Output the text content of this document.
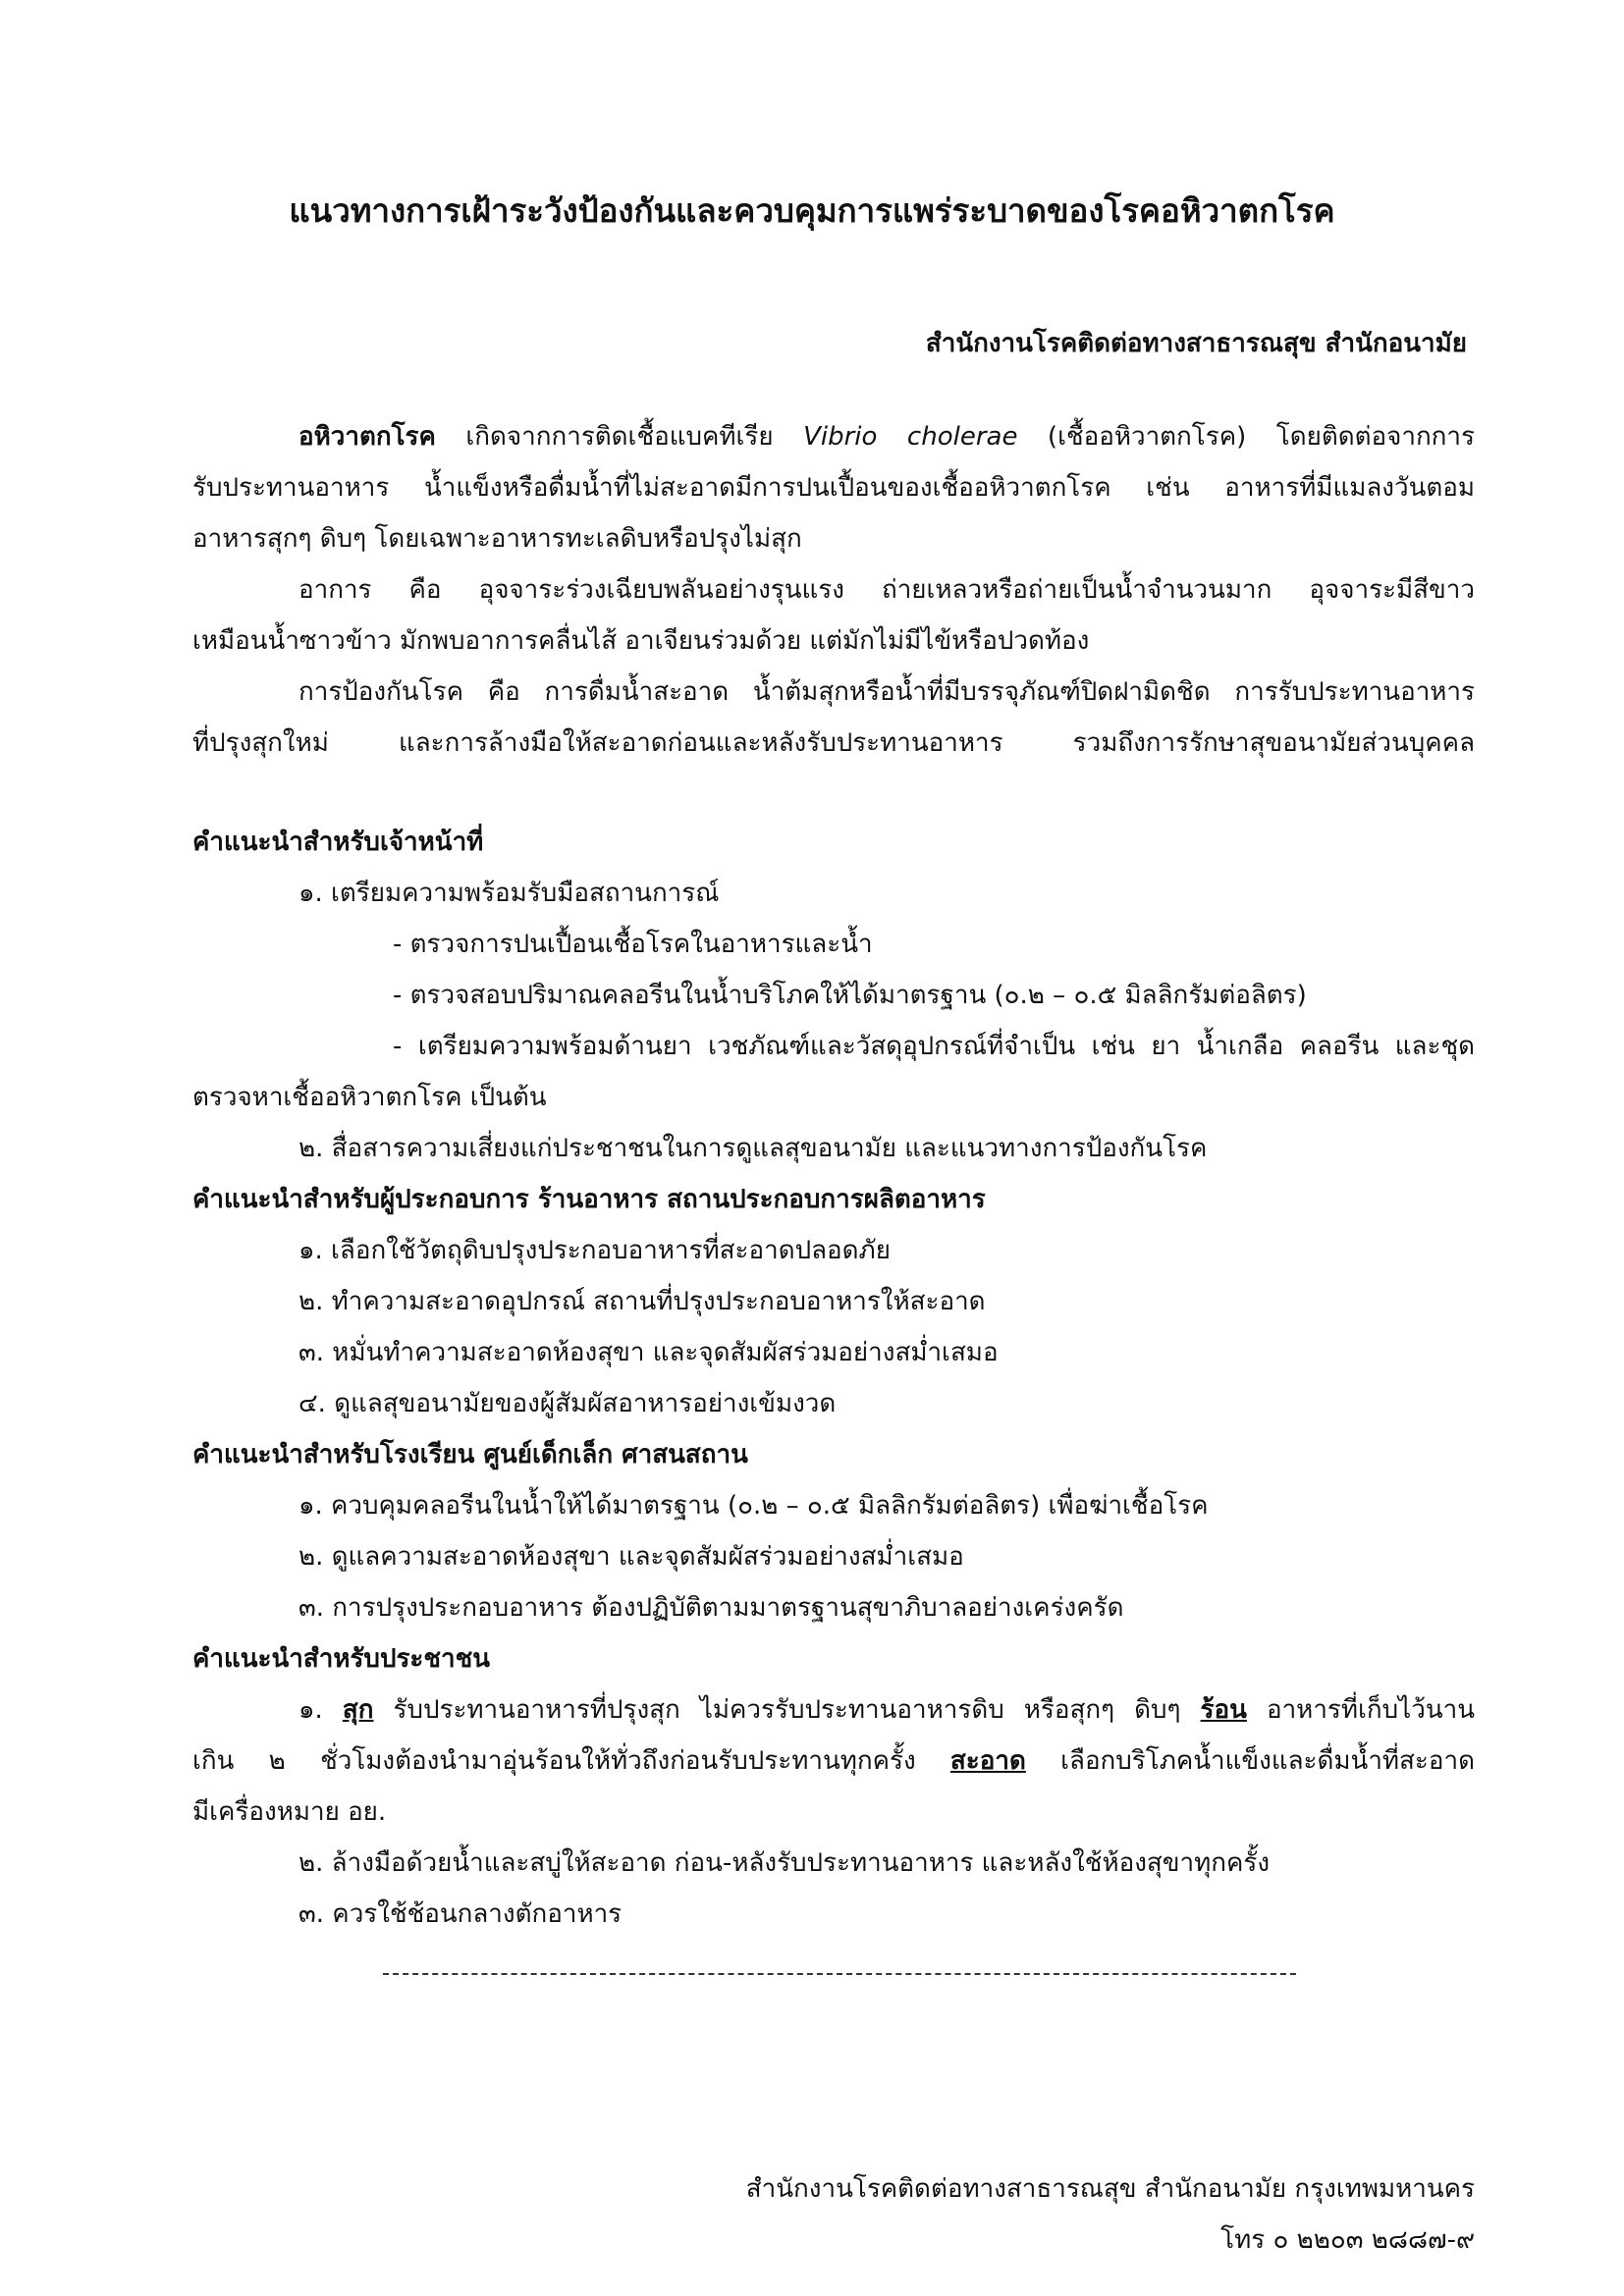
แนวทางการเฝ้าระวังป้องกันและควบคุมการแพร่ระบาดของโรคอหิวาตกโรค
สำนักงานโรคติดต่อทางสาธารณสุข สำนักอนามัย
อหิวาตกโรค เกิดจากการติดเชื้อแบคทีเรีย Vibrio cholerae (เชื้ออหิวาตกโรค) โดยติดต่อจากการ
รับประทานอาหาร น้ำแข็งหรือดื่มน้ำที่ไม่สะอาดมีการปนเปื้อนของเชื้ออหิวาตกโรค เช่น อาหารที่มีแมลงวันตอม
อาหารสุกๆ ดิบๆ โดยเฉพาะอาหารทะเลดิบหรือปรุงไม่สุก
อาการ คือ อุจจาระร่วงเฉียบพลันอย่างรุนแรง ถ่ายเหลวหรือถ่ายเป็นน้ำจำนวนมาก อุจจาระมีสีขาว
เหมือนน้ำซาวข้าว มักพบอาการคลื่นไส้ อาเจียนร่วมด้วย แต่มักไม่มีไข้หรือปวดท้อง
การป้องกันโรค คือ การดื่มน้ำสะอาด น้ำต้มสุกหรือน้ำที่มีบรรจุภัณฑ์ปิดฝามิดชิด การรับประทานอาหาร
ที่ปรุงสุกใหม่ และการล้างมือให้สะอาดก่อนและหลังรับประทานอาหาร รวมถึงการรักษาสุขอนามัยส่วนบุคคล
คำแนะนำสำหรับเจ้าหน้าที่
๑. เตรียมความพร้อมรับมือสถานการณ์
- ตรวจการปนเปื้อนเชื้อโรคในอาหารและน้ำ
- ตรวจสอบปริมาณคลอรีนในน้ำบริโภคให้ได้มาตรฐาน (๐.๒ – ๐.๕ มิลลิกรัมต่อลิตร)
- เตรียมความพร้อมด้านยา เวชภัณฑ์และวัสดุอุปกรณ์ที่จำเป็น เช่น ยา น้ำเกลือ คลอรีน และชุด
ตรวจหาเชื้ออหิวาตกโรค เป็นต้น
๒. สื่อสารความเสี่ยงแก่ประชาชนในการดูแลสุขอนามัย และแนวทางการป้องกันโรค
คำแนะนำสำหรับผู้ประกอบการ ร้านอาหาร สถานประกอบการผลิตอาหาร
๑. เลือกใช้วัตถุดิบปรุงประกอบอาหารที่สะอาดปลอดภัย
๒. ทำความสะอาดอุปกรณ์ สถานที่ปรุงประกอบอาหารให้สะอาด
๓. หมั่นทำความสะอาดห้องสุขา และจุดสัมผัสร่วมอย่างสม่ำเสมอ
๔. ดูแลสุขอนามัยของผู้สัมผัสอาหารอย่างเข้มงวด
คำแนะนำสำหรับโรงเรียน ศูนย์เด็กเล็ก ศาสนสถาน
๑. ควบคุมคลอรีนในน้ำให้ได้มาตรฐาน (๐.๒ – ๐.๕ มิลลิกรัมต่อลิตร) เพื่อฆ่าเชื้อโรค
๒. ดูแลความสะอาดห้องสุขา และจุดสัมผัสร่วมอย่างสม่ำเสมอ
๓. การปรุงประกอบอาหาร ต้องปฏิบัติตามมาตรฐานสุขาภิบาลอย่างเคร่งครัด
คำแนะนำสำหรับประชาชน
๑. สุก รับประทานอาหารที่ปรุงสุก ไม่ควรรับประทานอาหารดิบ หรือสุกๆ ดิบๆ ร้อน อาหารที่เก็บไว้นาน
เกิน ๒ ชั่วโมงต้องนำมาอุ่นร้อนให้ทั่วถึงก่อนรับประทานทุกครั้ง สะอาด เลือกบริโภคน้ำแข็งและดื่มน้ำที่สะอาด
มีเครื่องหมาย อย.
๒. ล้างมือด้วยน้ำและสบู่ให้สะอาด ก่อน-หลังรับประทานอาหาร และหลังใช้ห้องสุขาทุกครั้ง
๓. ควรใช้ช้อนกลางตักอาหาร
สำนักงานโรคติดต่อทางสาธารณสุข สำนักอนามัย กรุงเทพมหานคร
โทร ๐ ๒๒๐๓ ๒๘๘๗-๙
